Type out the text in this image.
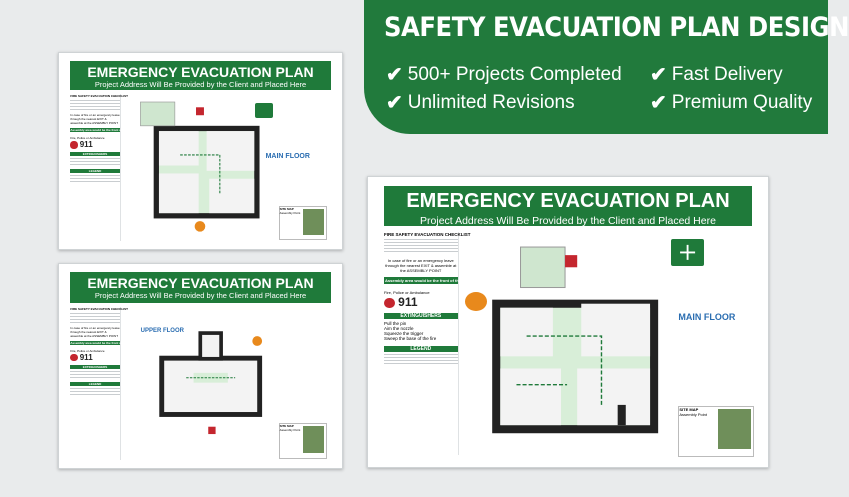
SAFETY EVACUATION PLAN DESIGN
✔ 500+ Projects Completed ✔ Fast Delivery
✔ Unlimited Revisions	✔ Premium Quality
EMERGENCY EVACUATION PLAN
Project Address Will Be Provided by the Client and Placed Here
FIRE SAFETY EVACUATION CHECKLIST
In case of fire or an emergency leave through the nearest EXIT & assemble at the ASSEMBLY POINT
Assembly area would be the front of the building
Fire, Police or Ambulance
911
EXTINGUISHERS
LEGEND
MAIN FLOOR
SITE MAP
Assembly Point
EMERGENCY EVACUATION PLAN
Project Address Will Be Provided by the Client and Placed Here
FIRE SAFETY EVACUATION CHECKLIST
In case of fire or an emergency leave through the nearest EXIT & assemble at the ASSEMBLY POINT
Assembly area would be the front of the building
Fire, Police or Ambulance
911
EXTINGUISHERS
LEGEND
UPPER FLOOR
SITE MAP
Assembly Point
EMERGENCY EVACUATION PLAN
Project Address Will Be Provided by the Client and Placed Here
FIRE SAFETY EVACUATION CHECKLIST
In case of fire or an emergency leave through the nearest EXIT & assemble at the ASSEMBLY POINT
Assembly area would be the front of the building
Fire, Police or Ambulance
911
EXTINGUISHERS
Pull the pin
Aim the nozzle
Squeeze the trigger
Sweep the base of the fire
LEGEND
MAIN FLOOR
SITE MAP
Assembly Point
